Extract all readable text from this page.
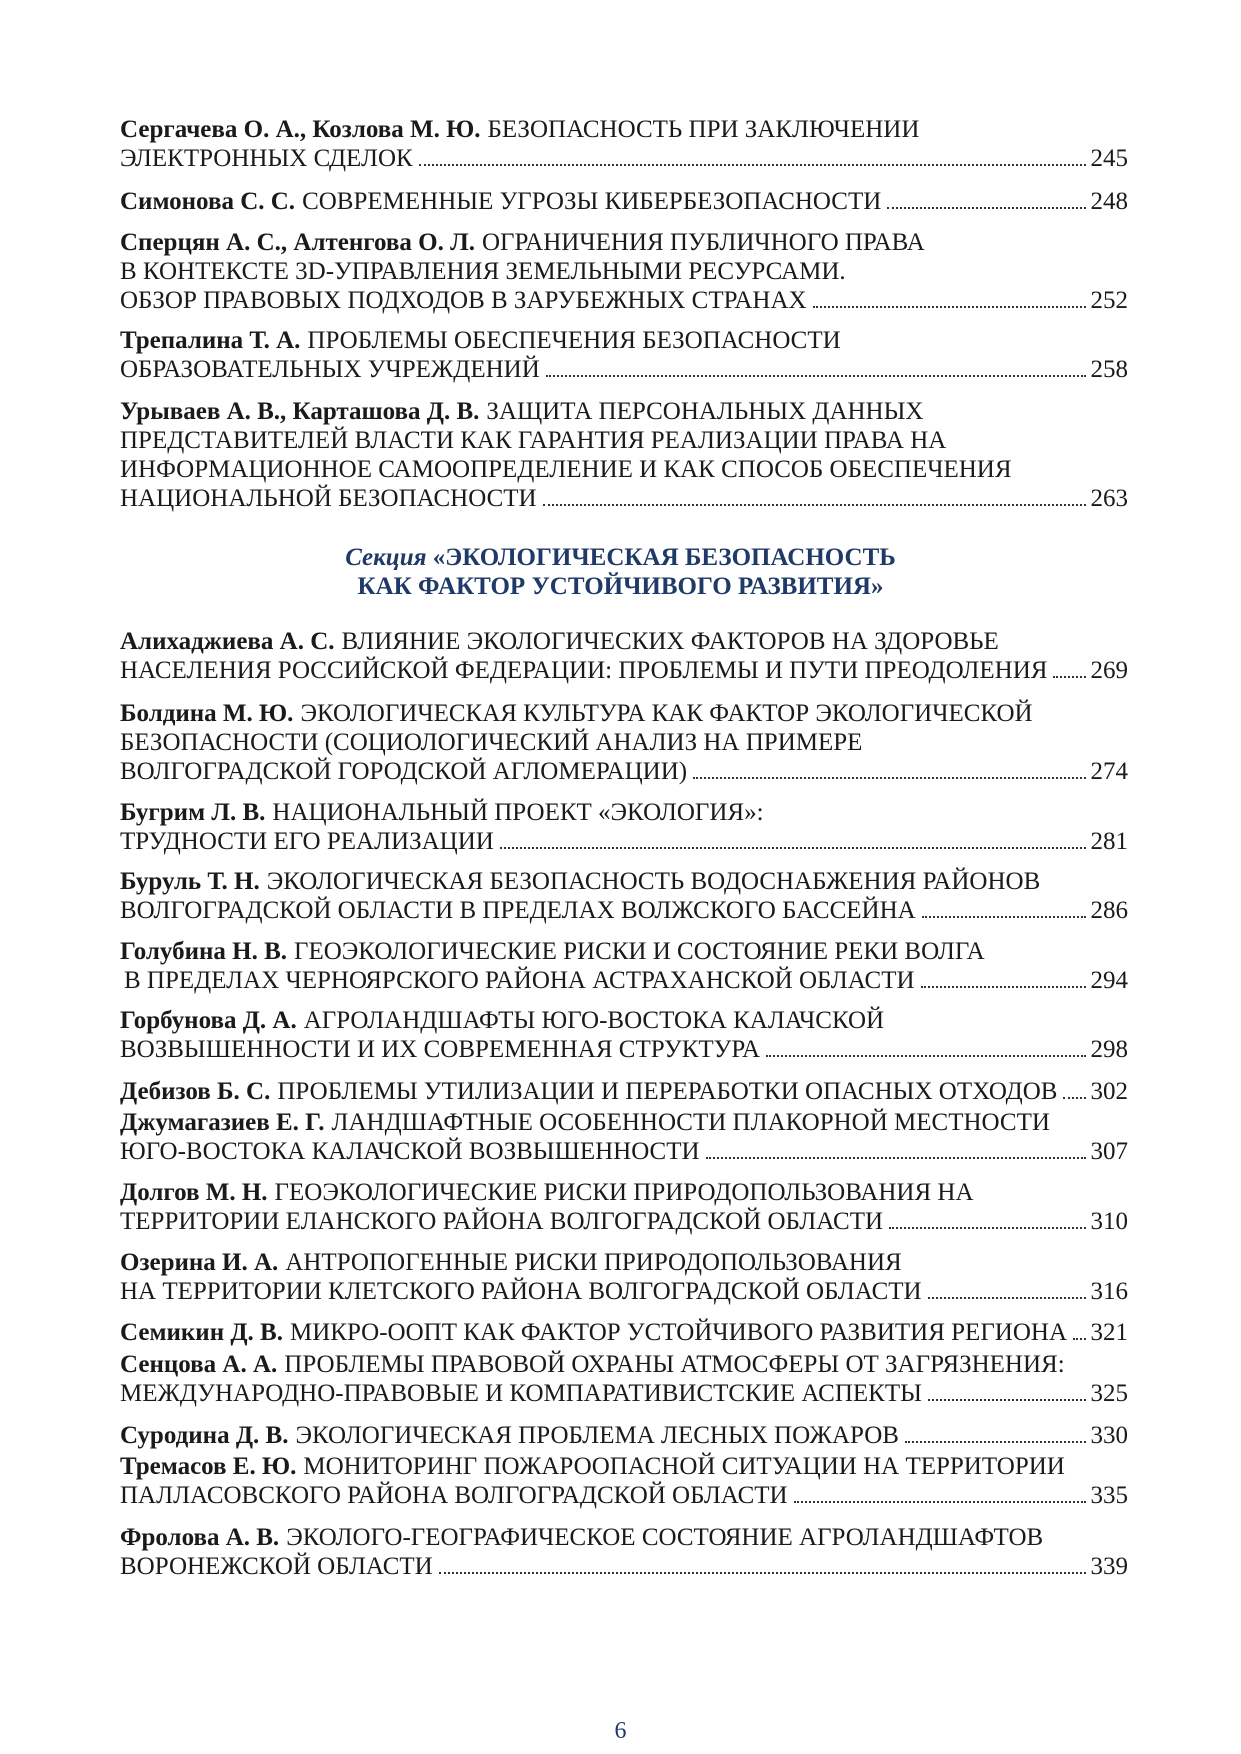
Сергачева О. А., Козлова М. Ю. БЕЗОПАСНОСТЬ ПРИ ЗАКЛЮЧЕНИИ
ЭЛЕКТРОННЫХ СДЕЛОК	245
Симонова С. С. СОВРЕМЕННЫЕ УГРОЗЫ КИБЕРБЕЗОПАСНОСТИ	248
Сперцян А. С., Алтенгова О. Л. ОГРАНИЧЕНИЯ ПУБЛИЧНОГО ПРАВА
В КОНТЕКСТЕ 3D-УПРАВЛЕНИЯ ЗЕМЕЛЬНЫМИ РЕСУРСАМИ.
ОБЗОР ПРАВОВЫХ ПОДХОДОВ В ЗАРУБЕЖНЫХ СТРАНАХ	252
Трепалина Т. А. ПРОБЛЕМЫ ОБЕСПЕЧЕНИЯ БЕЗОПАСНОСТИ
ОБРАЗОВАТЕЛЬНЫХ УЧРЕЖДЕНИЙ	258
Урываев А. В., Карташова Д. В. ЗАЩИТА ПЕРСОНАЛЬНЫХ ДАННЫХ
ПРЕДСТАВИТЕЛЕЙ ВЛАСТИ КАК ГАРАНТИЯ РЕАЛИЗАЦИИ ПРАВА НА
ИНФОРМАЦИОННОЕ САМООПРЕДЕЛЕНИЕ И КАК СПОСОБ ОБЕСПЕЧЕНИЯ
НАЦИОНАЛЬНОЙ БЕЗОПАСНОСТИ	263
Алихаджиева А. С. ВЛИЯНИЕ ЭКОЛОГИЧЕСКИХ ФАКТОРОВ НА ЗДОРОВЬЕ
НАСЕЛЕНИЯ РОССИЙСКОЙ ФЕДЕРАЦИИ: ПРОБЛЕМЫ И ПУТИ ПРЕОДОЛЕНИЯ 269
Болдина М. Ю. ЭКОЛОГИЧЕСКАЯ КУЛЬТУРА КАК ФАКТОР ЭКОЛОГИЧЕСКОЙ
БЕЗОПАСНОСТИ (СОЦИОЛОГИЧЕСКИЙ АНАЛИЗ НА ПРИМЕРЕ
ВОЛГОГРАДСКОЙ ГОРОДСКОЙ АГЛОМЕРАЦИИ)	274
Бугрим Л. В. НАЦИОНАЛЬНЫЙ ПРОЕКТ «ЭКОЛОГИЯ»:
ТРУДНОСТИ ЕГО РЕАЛИЗАЦИИ	281
Буруль Т. Н. ЭКОЛОГИЧЕСКАЯ БЕЗОПАСНОСТЬ ВОДОСНАБЖЕНИЯ РАЙОНОВ
ВОЛГОГРАДСКОЙ ОБЛАСТИ В ПРЕДЕЛАХ ВОЛЖСКОГО БАССЕЙНА	286
Голубина Н. В. ГЕОЭКОЛОГИЧЕСКИЕ РИСКИ И СОСТОЯНИЕ РЕКИ ВОЛГА
В ПРЕДЕЛАХ ЧЕРНОЯРСКОГО РАЙОНА АСТРАХАНСКОЙ ОБЛАСТИ	294
Горбунова Д. А. АГРОЛАНДШАФТЫ ЮГО-ВОСТОКА КАЛАЧСКОЙ
ВОЗВЫШЕННОСТИ И ИХ СОВРЕМЕННАЯ СТРУКТУРА	298
Дебизов Б. С. ПРОБЛЕМЫ УТИЛИЗАЦИИ И ПЕРЕРАБОТКИ ОПАСНЫХ ОТХОДОВ 302
Джумагазиев Е. Г. ЛАНДШАФТНЫЕ ОСОБЕННОСТИ ПЛАКОРНОЙ МЕСТНОСТИ
ЮГО-ВОСТОКА КАЛАЧСКОЙ ВОЗВЫШЕННОСТИ	307
Долгов М. Н. ГЕОЭКОЛОГИЧЕСКИЕ РИСКИ ПРИРОДОПОЛЬЗОВАНИЯ НА
ТЕРРИТОРИИ ЕЛАНСКОГО РАЙОНА ВОЛГОГРАДСКОЙ ОБЛАСТИ	310
Озерина И. А. АНТРОПОГЕННЫЕ РИСКИ ПРИРОДОПОЛЬЗОВАНИЯ
НА ТЕРРИТОРИИ КЛЕТСКОГО РАЙОНА ВОЛГОГРАДСКОЙ ОБЛАСТИ	316
Семикин Д. В. МИКРО-ООПТ КАК ФАКТОР УСТОЙЧИВОГО РАЗВИТИЯ РЕГИОНА 321
Сенцова А. А. ПРОБЛЕМЫ ПРАВОВОЙ ОХРАНЫ АТМОСФЕРЫ ОТ ЗАГРЯЗНЕНИЯ:
МЕЖДУНАРОДНО-ПРАВОВЫЕ И КОМПАРАТИВИСТСКИЕ АСПЕКТЫ	325
Суродина Д. В. ЭКОЛОГИЧЕСКАЯ ПРОБЛЕМА ЛЕСНЫХ ПОЖАРОВ	330
Тремасов Е. Ю. МОНИТОРИНГ ПОЖАРООПАСНОЙ СИТУАЦИИ НА ТЕРРИТОРИИ
ПАЛЛАСОВСКОГО РАЙОНА ВОЛГОГРАДСКОЙ ОБЛАСТИ	335
Фролова А. В. ЭКОЛОГО-ГЕОГРАФИЧЕСКОЕ СОСТОЯНИЕ АГРОЛАНДШАФТОВ
ВОРОНЕЖСКОЙ ОБЛАСТИ	339
Секция «ЭКОЛОГИЧЕСКАЯ БЕЗОПАСНОСТЬ
КАК ФАКТОР УСТОЙЧИВОГО РАЗВИТИЯ»
6
